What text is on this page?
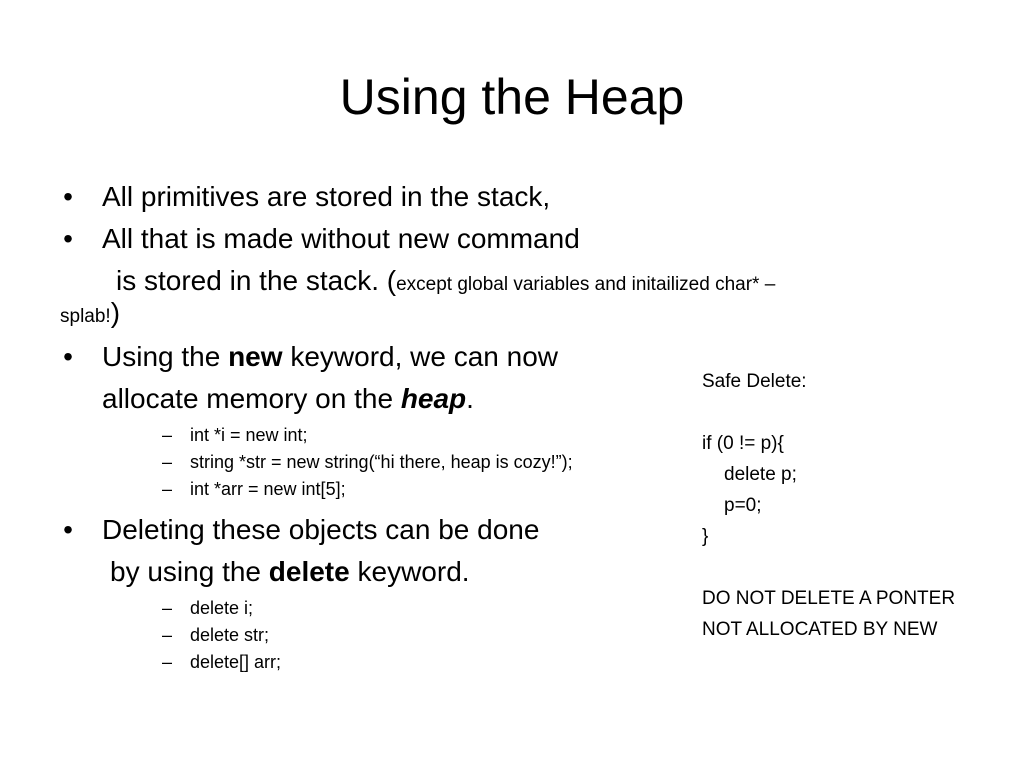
Using the Heap
• All primitives are stored in the stack,
• All that is made without new command
is stored in the stack. (except global variables and initailized char* –
splab!)
• Using the new keyword, we can now
allocate memory on the heap.
– int *i = new int;
– string *str = new string(“hi there, heap is cozy!”);
– int *arr = new int[5];
• Deleting these objects can be done
by using the delete keyword.
– delete i;
– delete str;
– delete[] arr;
Safe Delete:
if (0 != p){
delete p;
p=0;
}
DO NOT DELETE A PONTER
NOT ALLOCATED BY NEW
